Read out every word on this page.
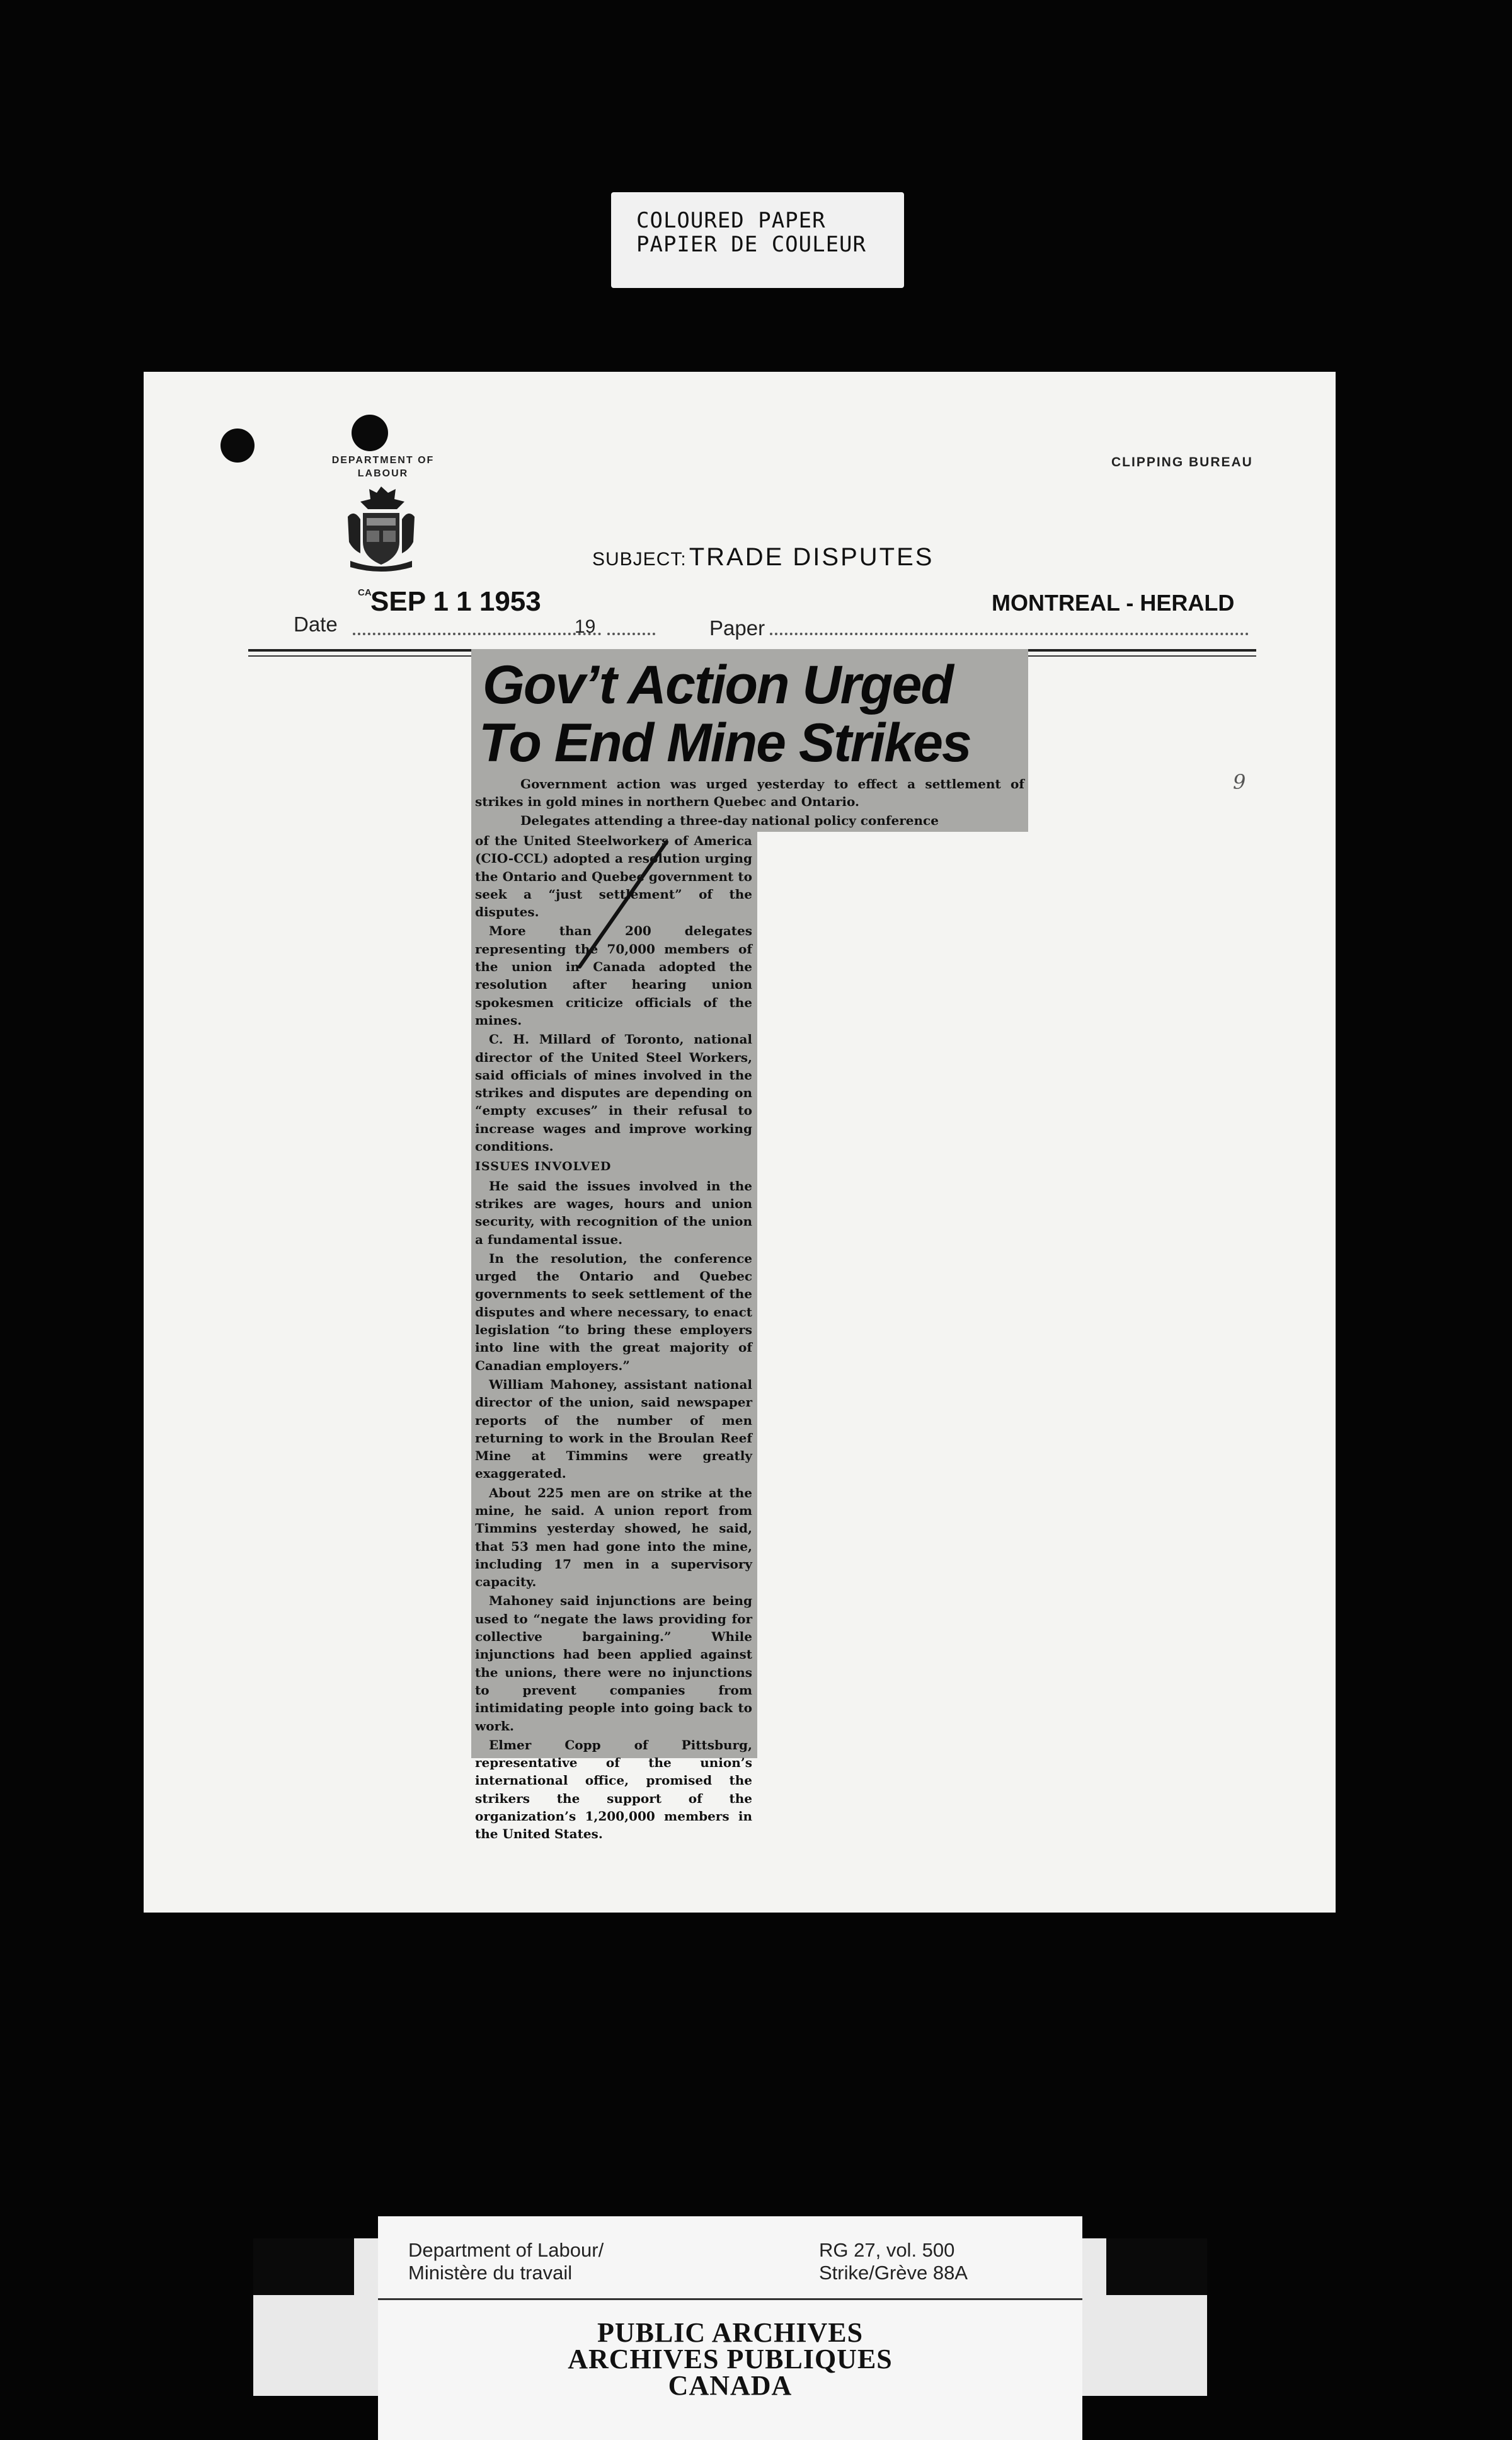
COLOURED PAPER
PAPIER DE COULEUR
DEPARTMENT OF
LABOUR
CA
CLIPPING BUREAU
SUBJECT: TRADE DISPUTES
SEP 1 1 1953	MONTREAL - HERALD
Date	19	Paper
9
Gov’t Action Urged
To End Mine Strikes

Government action was urged yesterday to effect a settlement of strikes in gold mines in northern Quebec and Ontario.

Delegates attending a three-day national policy conference

of the United Steelworkers of America (CIO-CCL) adopted a resolution urging the Ontario and Quebec government to seek a “just settlement” of the disputes.

More than 200 delegates representing the 70,000 members of the union in Canada adopted the resolution after hearing union spokesmen criticize officials of the mines.

C. H. Millard of Toronto, national director of the United Steel Workers, said officials of mines involved in the strikes and disputes are depending on “empty excuses” in their refusal to increase wages and improve working conditions.

ISSUES INVOLVED

He said the issues involved in the strikes are wages, hours and union security, with recognition of the union a fundamental issue.

In the resolution, the conference urged the Ontario and Quebec governments to seek settlement of the disputes and where necessary, to enact legislation “to bring these employers into line with the great majority of Canadian employers.”

William Mahoney, assistant national director of the union, said newspaper reports of the number of men returning to work in the Broulan Reef Mine at Timmins were greatly exaggerated.

About 225 men are on strike at the mine, he said. A union report from Timmins yesterday showed, he said, that 53 men had gone into the mine, including 17 men in a supervisory capacity.

Mahoney said injunctions are being used to “negate the laws providing for collective bargaining.” While injunctions had been applied against the unions, there were no injunctions to prevent companies from intimidating people into going back to work.

Elmer Copp of Pittsburg, representative of the union’s international office, promised the strikers the support of the organization’s 1,200,000 members in the United States.

Department of Labour/
Ministère du travail
RG 27, vol. 500
Strike/Grève 88A
PUBLIC ARCHIVES
ARCHIVES PUBLIQUES
CANADA
